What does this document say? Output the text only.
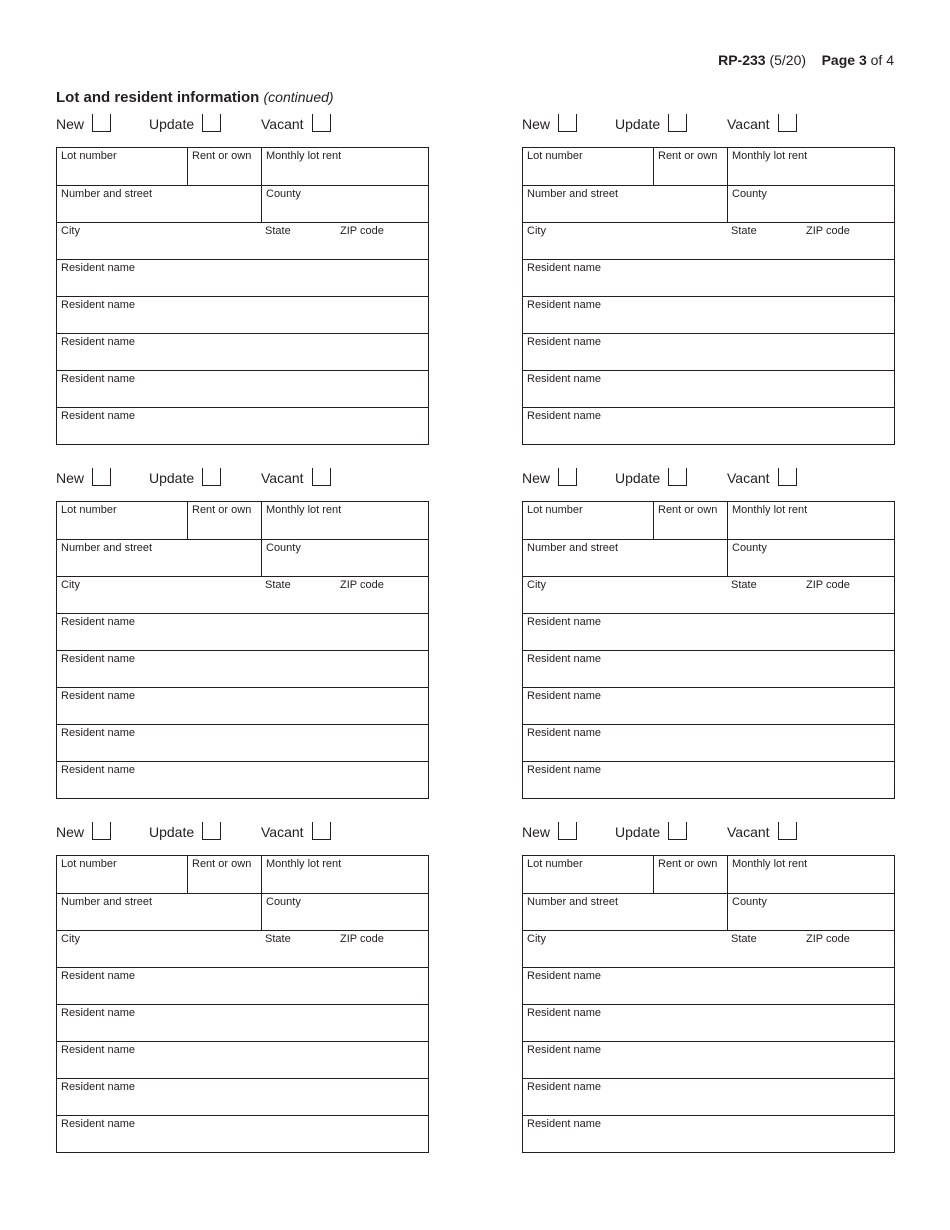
RP-233 (5/20) Page 3 of 4
Lot and resident information (continued)
New	Update	Vacant
Lot number	Rent or own	Monthly lot rent
Number and street	County
City	State	ZIP code
Resident name
Resident name
Resident name
Resident name
Resident name
New	Update	Vacant
Lot number	Rent or own	Monthly lot rent
Number and street	County
City	State	ZIP code
Resident name
Resident name
Resident name
Resident name
Resident name
New	Update	Vacant
Lot number	Rent or own	Monthly lot rent
Number and street	County
City	State	ZIP code
Resident name
Resident name
Resident name
Resident name
Resident name
New	Update	Vacant
Lot number	Rent or own	Monthly lot rent
Number and street	County
City	State	ZIP code
Resident name
Resident name
Resident name
Resident name
Resident name
New	Update	Vacant
Lot number	Rent or own	Monthly lot rent
Number and street	County
City	State	ZIP code
Resident name
Resident name
Resident name
Resident name
Resident name
New	Update	Vacant
Lot number	Rent or own	Monthly lot rent
Number and street	County
City	State	ZIP code
Resident name
Resident name
Resident name
Resident name
Resident name
